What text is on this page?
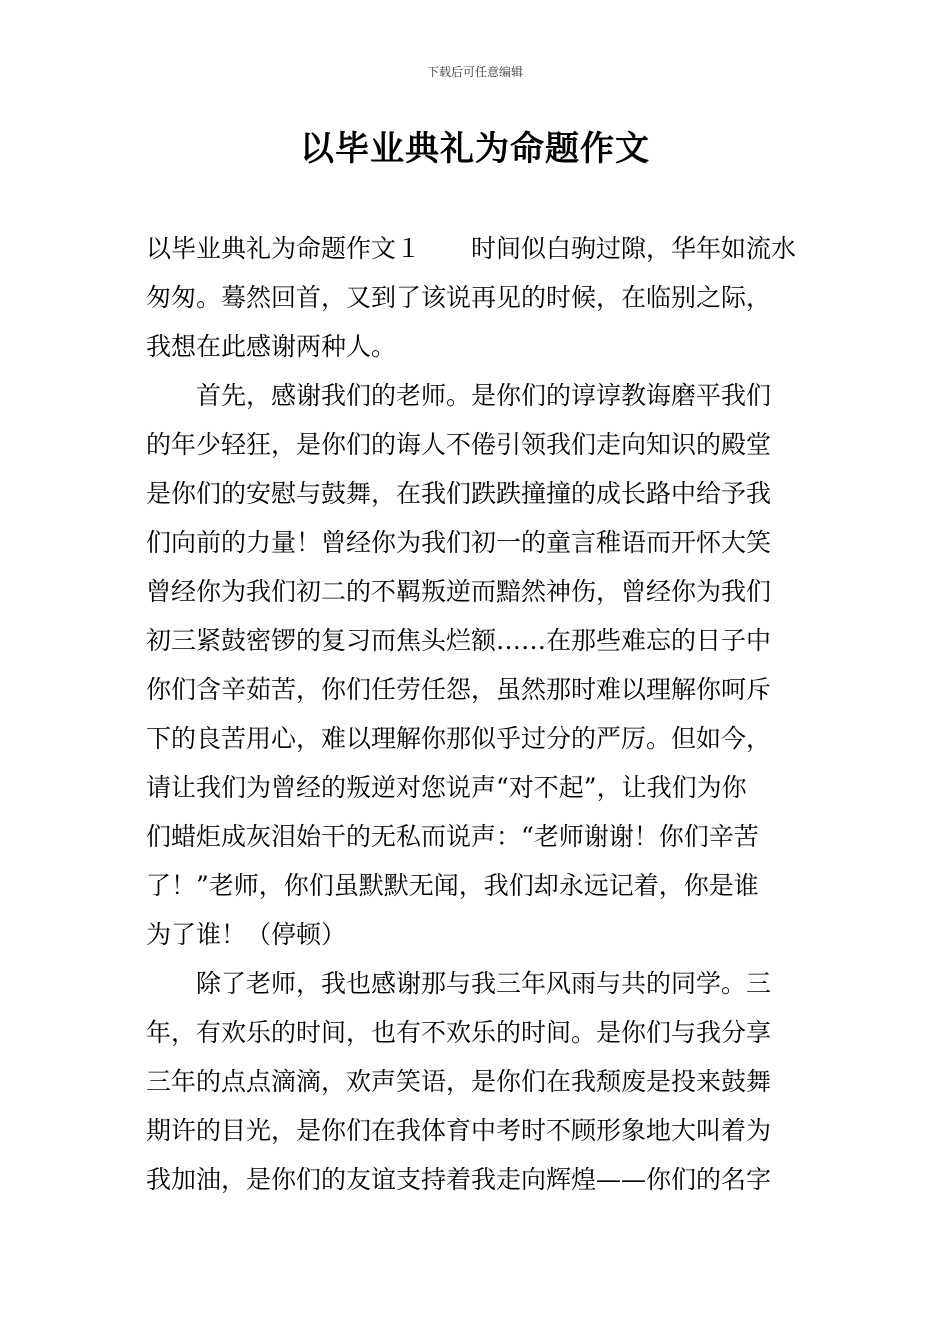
下载后可任意编辑
以毕业典礼为命题作文
以毕业典礼为命题作文１　　时间似白驹过隙，华年如流水
匆匆。蓦然回首，又到了该说再见的时候，在临别之际，
我想在此感谢两种人。
　　首先，感谢我们的老师。是你们的谆谆教诲磨平我们
的年少轻狂，是你们的诲人不倦引领我们走向知识的殿堂
是你们的安慰与鼓舞，在我们跌跌撞撞的成长路中给予我
们向前的力量！曾经你为我们初一的童言稚语而开怀大笑
曾经你为我们初二的不羁叛逆而黯然神伤，曾经你为我们
初三紧鼓密锣的复习而焦头烂额……在那些难忘的日子中
你们含辛茹苦，你们任劳任怨，虽然那时难以理解你呵斥
下的良苦用心，难以理解你那似乎过分的严厉。但如今，
请让我们为曾经的叛逆对您说声“对不起”，让我们为你
们蜡炬成灰泪始干的无私而说声：“老师谢谢！你们辛苦
了！”老师，你们虽默默无闻，我们却永远记着，你是谁
为了谁！（停顿）
　　除了老师，我也感谢那与我三年风雨与共的同学。三
年，有欢乐的时间，也有不欢乐的时间。是你们与我分享
三年的点点滴滴，欢声笑语，是你们在我颓废是投来鼓舞
期许的目光，是你们在我体育中考时不顾形象地大叫着为
我加油，是你们的友谊支持着我走向辉煌——你们的名字
